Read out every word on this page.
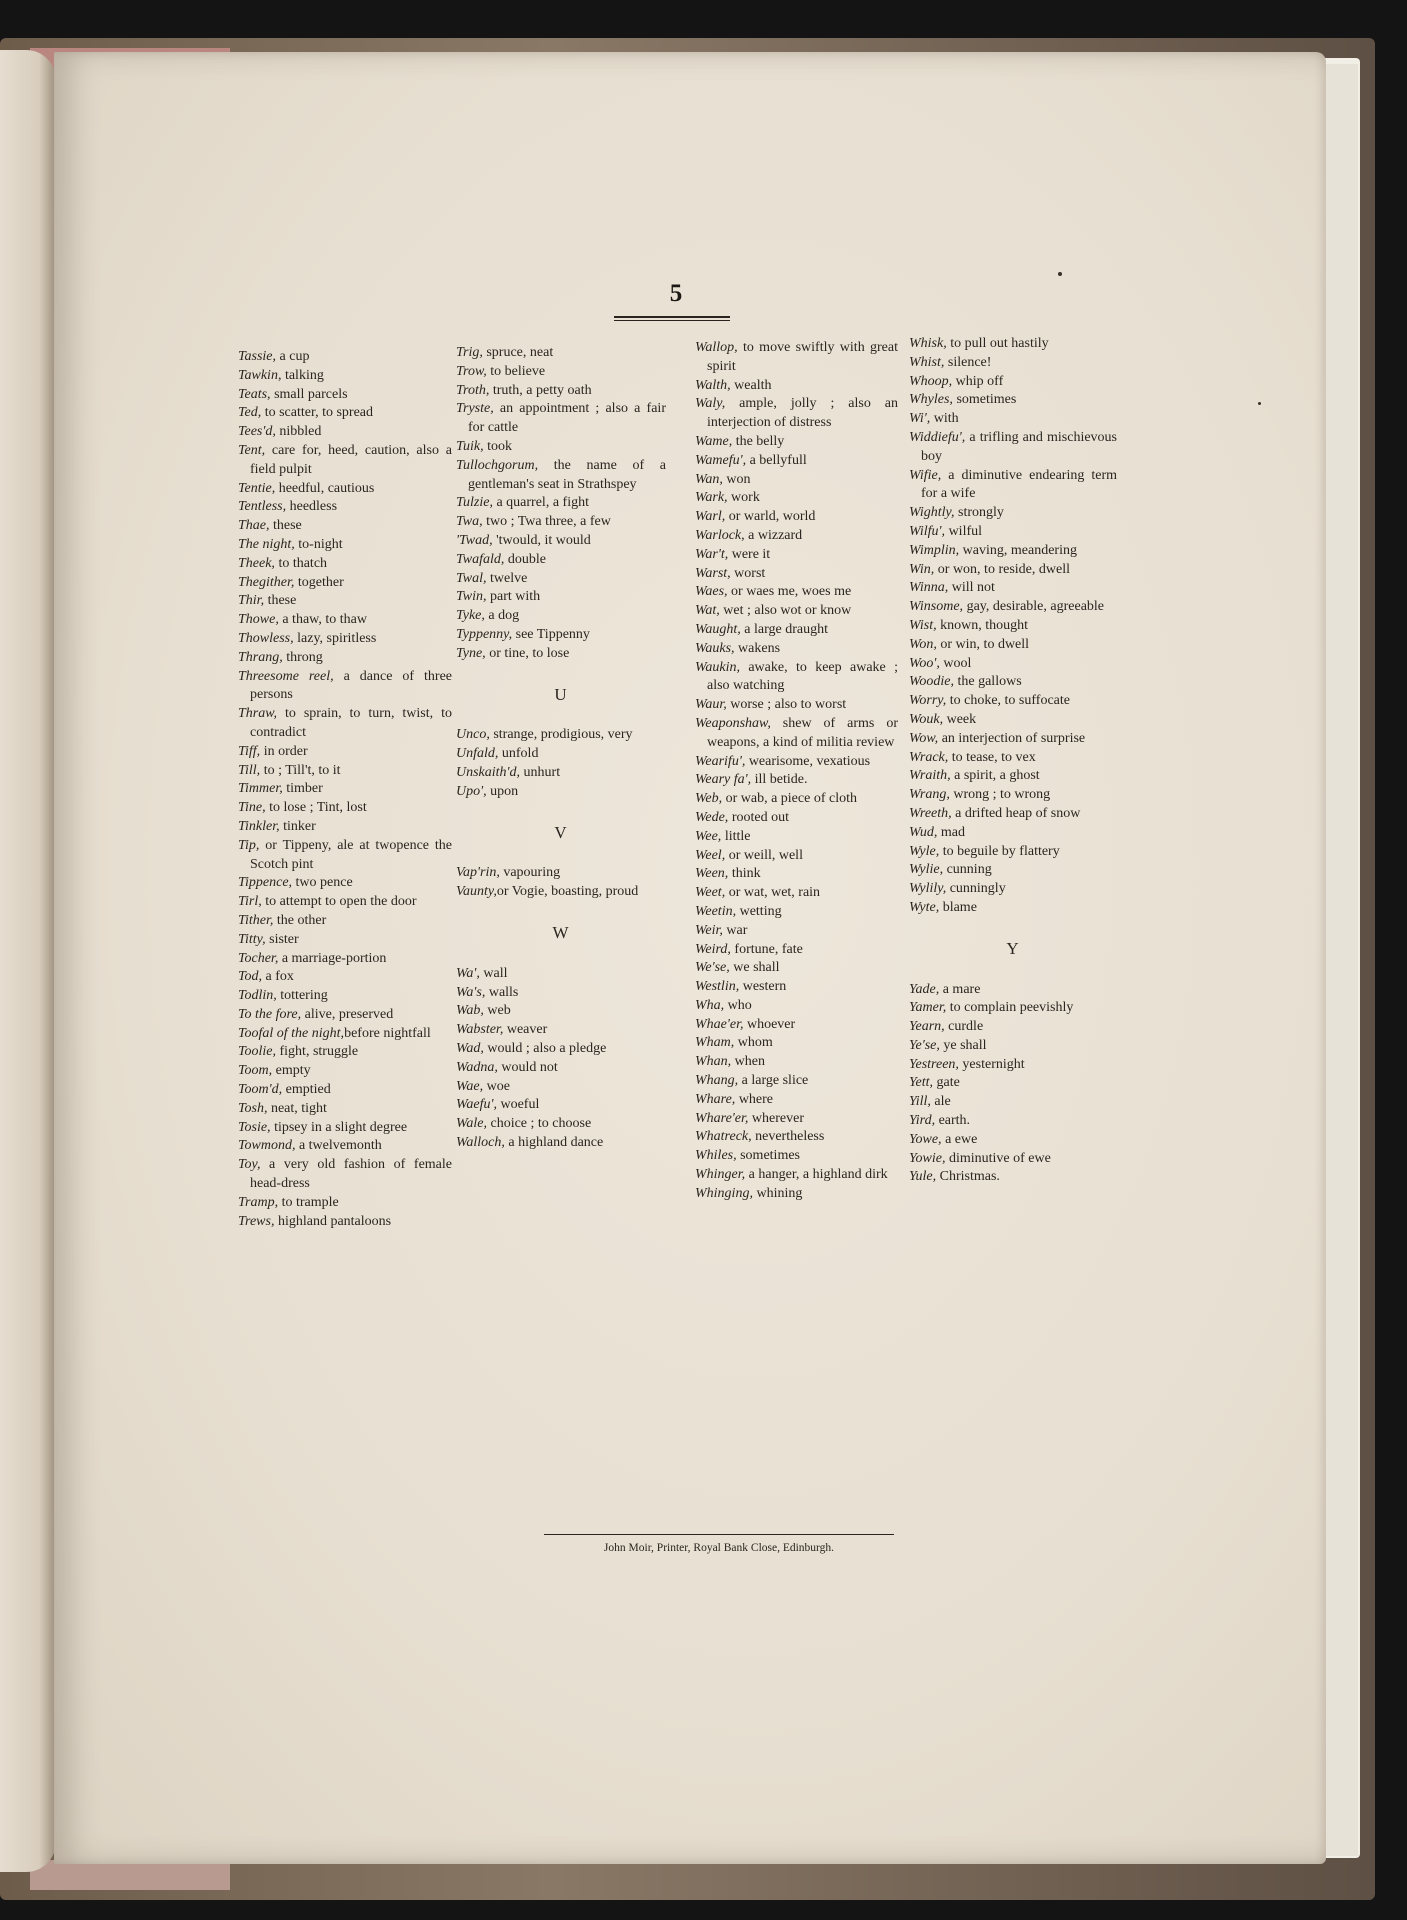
5
Tassie, a cup
Tawkin, talking
Teats, small parcels
Ted, to scatter, to spread
Tees'd, nibbled
Tent, care for, heed, caution, also a field pulpit
Tentie, heedful, cautious
Tentless, heedless
Thae, these
The night, to-night
Theek, to thatch
Thegither, together
Thir, these
Thowe, a thaw, to thaw
Thowless, lazy, spiritless
Thrang, throng
Threesome reel, a dance of three persons
Thraw, to sprain, to turn, twist, to contradict
Tiff, in order
Till, to ; Till't, to it
Timmer, timber
Tine, to lose ; Tint, lost
Tinkler, tinker
Tip, or Tippeny, ale at twopence the Scotch pint
Tippence, two pence
Tirl, to attempt to open the door
Tither, the other
Titty, sister
Tocher, a marriage-portion
Tod, a fox
Todlin, tottering
To the fore, alive, preserved
Toofal of the night,before nightfall
Toolie, fight, struggle
Toom, empty
Toom'd, emptied
Tosh, neat, tight
Tosie, tipsey in a slight degree
Towmond, a twelvemonth
Toy, a very old fashion of female head-dress
Tramp, to trample
Trews, highland pantaloons
Trig, spruce, neat
Trow, to believe
Troth, truth, a petty oath
Tryste, an appointment ; also a fair for cattle
Tuik, took
Tullochgorum, the name of a gentleman's seat in Strathspey
Tulzie, a quarrel, a fight
Twa, two ; Twa three, a few
'Twad, 'twould, it would
Twafald, double
Twal, twelve
Twin, part with
Tyke, a dog
Typpenny, see Tippenny
Tyne, or tine, to lose
U
Unco, strange, prodigious, very
Unfald, unfold
Unskaith'd, unhurt
Upo', upon
V
Vap'rin, vapouring
Vaunty,or Vogie, boasting, proud
W
Wa', wall
Wa's, walls
Wab, web
Wabster, weaver
Wad, would ; also a pledge
Wadna, would not
Wae, woe
Waefu', woeful
Wale, choice ; to choose
Walloch, a highland dance
Wallop, to move swiftly with great spirit
Walth, wealth
Waly, ample, jolly ; also an interjection of distress
Wame, the belly
Wamefu', a bellyfull
Wan, won
Wark, work
Warl, or warld, world
Warlock, a wizzard
War't, were it
Warst, worst
Waes, or waes me, woes me
Wat, wet ; also wot or know
Waught, a large draught
Wauks, wakens
Waukin, awake, to keep awake ; also watching
Waur, worse ; also to worst
Weaponshaw, shew of arms or weapons, a kind of militia review
Wearifu', wearisome, vexatious
Weary fa', ill betide.
Web, or wab, a piece of cloth
Wede, rooted out
Wee, little
Weel, or weill, well
Ween, think
Weet, or wat, wet, rain
Weetin, wetting
Weir, war
Weird, fortune, fate
We'se, we shall
Westlin, western
Wha, who
Whae'er, whoever
Wham, whom
Whan, when
Whang, a large slice
Whare, where
Whare'er, wherever
Whatreck, nevertheless
Whiles, sometimes
Whinger, a hanger, a highland dirk
Whinging, whining
Whisk, to pull out hastily
Whist, silence!
Whoop, whip off
Whyles, sometimes
Wi', with
Widdiefu', a trifling and mischievous boy
Wifie, a diminutive endearing term for a wife
Wightly, strongly
Wilfu', wilful
Wimplin, waving, meandering
Win, or won, to reside, dwell
Winna, will not
Winsome, gay, desirable, agreeable
Wist, known, thought
Won, or win, to dwell
Woo', wool
Woodie, the gallows
Worry, to choke, to suffocate
Wouk, week
Wow, an interjection of surprise
Wrack, to tease, to vex
Wraith, a spirit, a ghost
Wrang, wrong ; to wrong
Wreeth, a drifted heap of snow
Wud, mad
Wyle, to beguile by flattery
Wylie, cunning
Wylily, cunningly
Wyte, blame
Y
Yade, a mare
Yamer, to complain peevishly
Yearn, curdle
Ye'se, ye shall
Yestreen, yesternight
Yett, gate
Yill, ale
Yird, earth.
Yowe, a ewe
Yowie, diminutive of ewe
Yule, Christmas.
John Moir, Printer, Royal Bank Close, Edinburgh.
